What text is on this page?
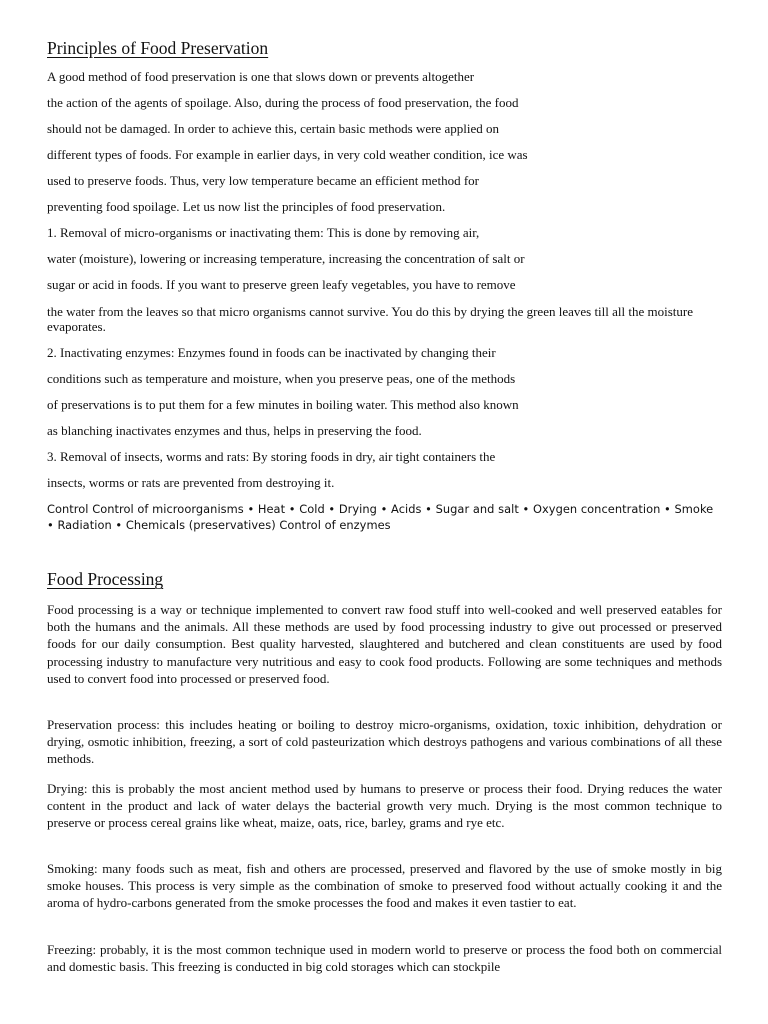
Principles of Food Preservation
A good method of food preservation is one that slows down or prevents altogether
the action of the agents of spoilage. Also, during the process of food preservation, the food
should not be damaged. In order to achieve this, certain basic methods were applied on
different types of foods. For example in earlier days, in very cold weather condition, ice was
used to preserve foods. Thus, very low temperature became an efficient method for
preventing food spoilage. Let us now list the principles of food preservation.
1. Removal of micro-organisms or inactivating them: This is done by removing air,
water (moisture), lowering or increasing temperature, increasing the concentration of salt or
sugar or acid in foods. If you want to preserve green leafy vegetables, you have to remove
the water from the leaves so that micro organisms cannot survive. You do this by drying the green leaves till all the moisture evaporates.
2. Inactivating enzymes: Enzymes found in foods can be inactivated by changing their
conditions such as temperature and moisture, when you preserve peas, one of the methods
of preservations is to put them for a few minutes in boiling water. This method also known
as blanching inactivates enzymes and thus, helps in preserving the food.
3. Removal of insects, worms and rats: By storing foods in dry, air tight containers the
insects, worms or rats are prevented from destroying it.
Control Control of microorganisms • Heat • Cold • Drying • Acids • Sugar and salt • Oxygen concentration • Smoke • Radiation • Chemicals (preservatives) Control of enzymes
Food Processing
Food processing is a way or technique implemented to convert raw food stuff into well-cooked and well preserved eatables for both the humans and the animals. All these methods are used by food processing industry to give out processed or preserved foods for our daily consumption. Best quality harvested, slaughtered and butchered and clean constituents are used by food processing industry to manufacture very nutritious and easy to cook food products. Following are some techniques and methods used to convert food into processed or preserved food.
Preservation process: this includes heating or boiling to destroy micro-organisms, oxidation, toxic inhibition, dehydration or drying, osmotic inhibition, freezing, a sort of cold pasteurization which destroys pathogens and various combinations of all these methods.
Drying: this is probably the most ancient method used by humans to preserve or process their food. Drying reduces the water content in the product and lack of water delays the bacterial growth very much. Drying is the most common technique to preserve or process cereal grains like wheat, maize, oats, rice, barley, grams and rye etc.
Smoking: many foods such as meat, fish and others are processed, preserved and flavored by the use of smoke mostly in big smoke houses. This process is very simple as the combination of smoke to preserved food without actually cooking it and the aroma of hydro-carbons generated from the smoke processes the food and makes it even tastier to eat.
Freezing: probably, it is the most common technique used in modern world to preserve or process the food both on commercial and domestic basis. This freezing is conducted in big cold storages which can stockpile
